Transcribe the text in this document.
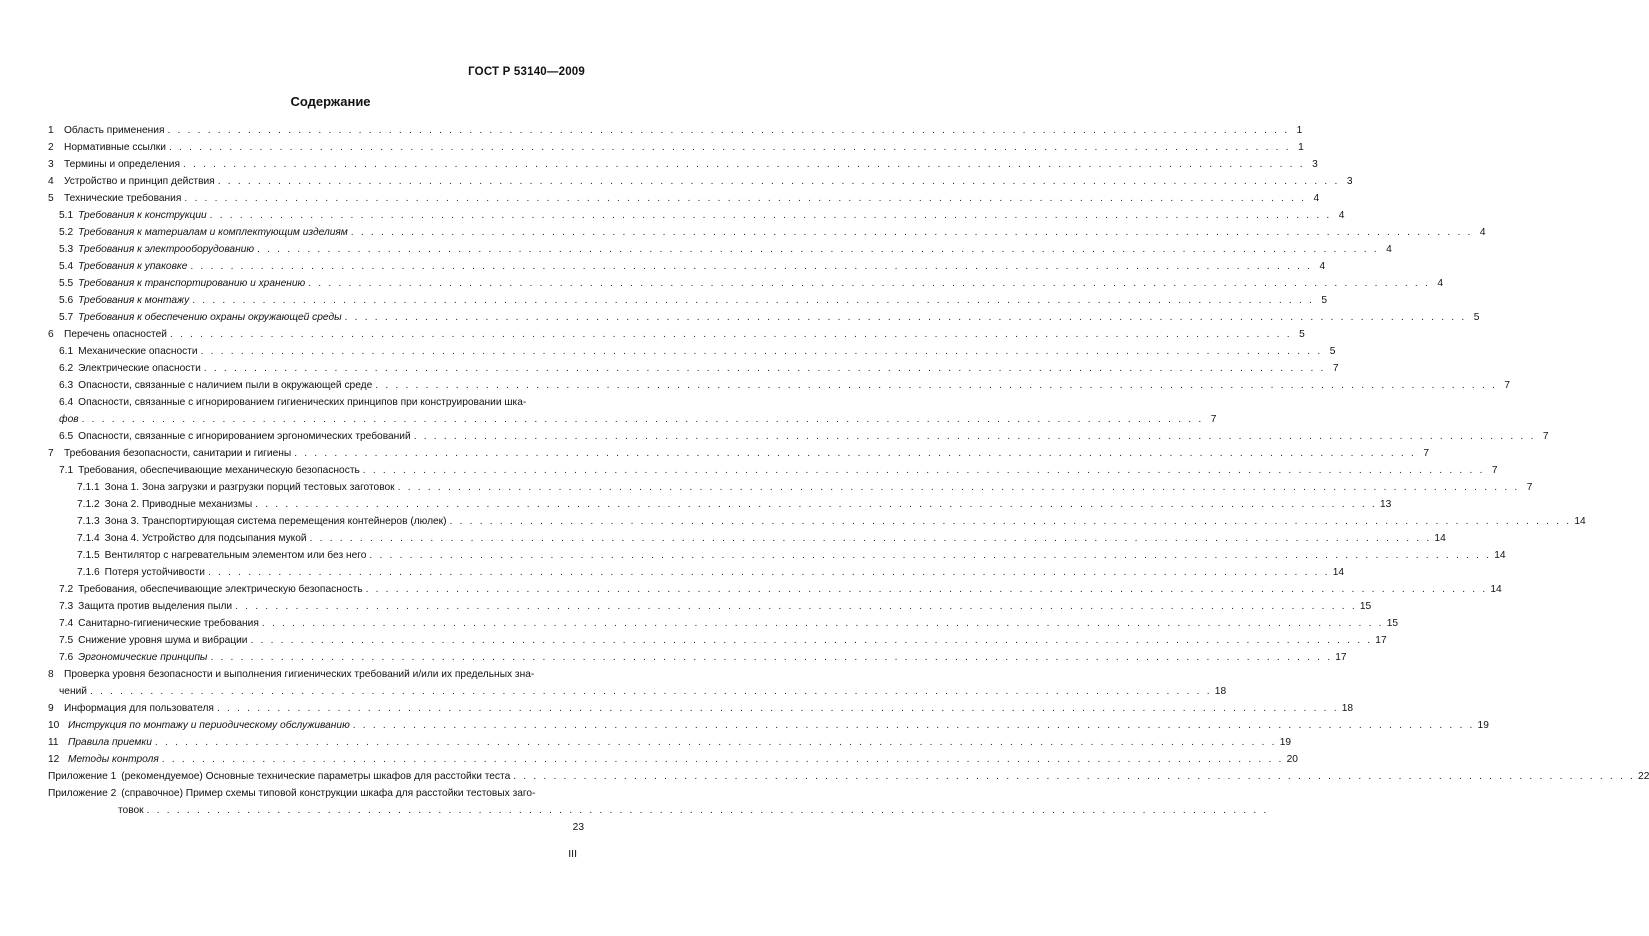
ГОСТ Р 53140—2009
Содержание
1	Область применения . . . . . . . . . . . . . . . . . . . . . . . . . . . . . . . . . . . . . . . . . . . . . . . . . . . . . . . . . . . . . . . . . . . . . . . . . . . . . . . . . . . . . . . . . . . . . . . . . . . . . . . . . . . . . . . . 1
2	Нормативные ссылки . . . . . . . . . . . . . . . . . . . . . . . . . . . . . . . . . . . . . . . . . . . . . . . . . . . . . . . . . . . . . . . . . . . . . . . . . . . . . . . . . . . . . . . . . . . . . . . . . . . . . . . . . . . . . . . . 1
3	Термины и определения . . . . . . . . . . . . . . . . . . . . . . . . . . . . . . . . . . . . . . . . . . . . . . . . . . . . . . . . . . . . . . . . . . . . . . . . . . . . . . . . . . . . . . . . . . . . . . . . . . . . . . . . . . . . . . . . 3
4	Устройство и принцип действия . . . . . . . . . . . . . . . . . . . . . . . . . . . . . . . . . . . . . . . . . . . . . . . . . . . . . . . . . . . . . . . . . . . . . . . . . . . . . . . . . . . . . . . . . . . . . . . . . . . . . . . . . . . . . . . . 3
5	Технические требования . . . . . . . . . . . . . . . . . . . . . . . . . . . . . . . . . . . . . . . . . . . . . . . . . . . . . . . . . . . . . . . . . . . . . . . . . . . . . . . . . . . . . . . . . . . . . . . . . . . . . . . . . . . . . . . . 4
5.1 Требования к конструкции . . . . . . . . . . . . . . . . . . . . . . . . . . . . . . . . . . . . . . . . . . . . . . . . . . . . . . . . . . . . . . . . . . . . . . . . . . . . . . . . . . . . . . . . . . . . . . . . . . . . . . . . . . . . . . . . 4
5.2 Требования к материалам и комплектующим изделиям . . . . . . . . . . . . . . . . . . . . . . . . . . . . . . . . . . . . . . . . . . . . . . . . . . . . . . . . . . . . . . . . . . . . . . . . . . . . . . . . . . . . . . . . . . . . . . . . . . . . . . . . . . . . . . . . 4
5.3 Требования к электрооборудованию . . . . . . . . . . . . . . . . . . . . . . . . . . . . . . . . . . . . . . . . . . . . . . . . . . . . . . . . . . . . . . . . . . . . . . . . . . . . . . . . . . . . . . . . . . . . . . . . . . . . . . . . . . . . . . . . 4
5.4 Требования к упаковке . . . . . . . . . . . . . . . . . . . . . . . . . . . . . . . . . . . . . . . . . . . . . . . . . . . . . . . . . . . . . . . . . . . . . . . . . . . . . . . . . . . . . . . . . . . . . . . . . . . . . . . . . . . . . . . . 4
5.5 Требования к транспортированию и хранению . . . . . . . . . . . . . . . . . . . . . . . . . . . . . . . . . . . . . . . . . . . . . . . . . . . . . . . . . . . . . . . . . . . . . . . . . . . . . . . . . . . . . . . . . . . . . . . . . . . . . . . . . . . . . . . . 4
5.6 Требования к монтажу . . . . . . . . . . . . . . . . . . . . . . . . . . . . . . . . . . . . . . . . . . . . . . . . . . . . . . . . . . . . . . . . . . . . . . . . . . . . . . . . . . . . . . . . . . . . . . . . . . . . . . . . . . . . . . . . 5
5.7 Требования к обеспечению охраны окружающей среды . . . . . . . . . . . . . . . . . . . . . . . . . . . . . . . . . . . . . . . . . . . . . . . . . . . . . . . . . . . . . . . . . . . . . . . . . . . . . . . . . . . . . . . . . . . . . . . . . . . . . . . . . . . . . . . . 5
6	Перечень опасностей . . . . . . . . . . . . . . . . . . . . . . . . . . . . . . . . . . . . . . . . . . . . . . . . . . . . . . . . . . . . . . . . . . . . . . . . . . . . . . . . . . . . . . . . . . . . . . . . . . . . . . . . . . . . . . . . 5
6.1 Механические опасности . . . . . . . . . . . . . . . . . . . . . . . . . . . . . . . . . . . . . . . . . . . . . . . . . . . . . . . . . . . . . . . . . . . . . . . . . . . . . . . . . . . . . . . . . . . . . . . . . . . . . . . . . . . . . . . . 5
6.2 Электрические опасности . . . . . . . . . . . . . . . . . . . . . . . . . . . . . . . . . . . . . . . . . . . . . . . . . . . . . . . . . . . . . . . . . . . . . . . . . . . . . . . . . . . . . . . . . . . . . . . . . . . . . . . . . . . . . . . . 7
6.3 Опасности, связанные с наличием пыли в окружающей среде . . . . . . . . . . . . . . . . . . . . . . . . . . . . . . . . . . . . . . . . . . . . . . . . . . . . . . . . . . . . . . . . . . . . . . . . . . . . . . . . . . . . . . . . . . . . . . . . . . . . . . . . . . . . . . . . 7
6.4 Опасности, связанные с игнорированием гигиенических принципов при конструировании шка-
фов . . . . . . . . . . . . . . . . . . . . . . . . . . . . . . . . . . . . . . . . . . . . . . . . . . . . . . . . . . . . . . . . . . . . . . . . . . . . . . . . . . . . . . . . . . . . . . . . . . . . . . . . . . . . . . . . 7
6.5 Опасности, связанные с игнорированием эргономических требований . . . . . . . . . . . . . . . . . . . . . . . . . . . . . . . . . . . . . . . . . . . . . . . . . . . . . . . . . . . . . . . . . . . . . . . . . . . . . . . . . . . . . . . . . . . . . . . . . . . . . . . . . . . . . . . . 7
7	Требования безопасности, санитарии и гигиены . . . . . . . . . . . . . . . . . . . . . . . . . . . . . . . . . . . . . . . . . . . . . . . . . . . . . . . . . . . . . . . . . . . . . . . . . . . . . . . . . . . . . . . . . . . . . . . . . . . . . . . . . . . . . . . . 7
7.1 Требования, обеспечивающие механическую безопасность . . . . . . . . . . . . . . . . . . . . . . . . . . . . . . . . . . . . . . . . . . . . . . . . . . . . . . . . . . . . . . . . . . . . . . . . . . . . . . . . . . . . . . . . . . . . . . . . . . . . . . . . . . . . . . . . 7
7.1.1 Зона 1. Зона загрузки и разгрузки порций тестовых заготовок . . . . . . . . . . . . . . . . . . . . . . . . . . . . . . . . . . . . . . . . . . . . . . . . . . . . . . . . . . . . . . . . . . . . . . . . . . . . . . . . . . . . . . . . . . . . . . . . . . . . . . . . . . . . . . . . 7
7.1.2 Зона 2. Приводные механизмы . . . . . . . . . . . . . . . . . . . . . . . . . . . . . . . . . . . . . . . . . . . . . . . . . . . . . . . . . . . . . . . . . . . . . . . . . . . . . . . . . . . . . . . . . . . . . . . . . . . . . . . . . . . . . . . . 13
7.1.3 Зона 3. Транспортирующая система перемещения контейнеров (люлек) . . . . . . . . . . . . . . . . . . . . . . . . . . . . . . . . . . . . . . . . . . . . . . . . . . . . . . . . . . . . . . . . . . . . . . . . . . . . . . . . . . . . . . . . . . . . . . . . . . . . . . . . . . . . . . . . 14
7.1.4 Зона 4. Устройство для подсыпания мукой . . . . . . . . . . . . . . . . . . . . . . . . . . . . . . . . . . . . . . . . . . . . . . . . . . . . . . . . . . . . . . . . . . . . . . . . . . . . . . . . . . . . . . . . . . . . . . . . . . . . . . . . . . . . . . . . 14
7.1.5 Вентилятор с нагревательным элементом или без него . . . . . . . . . . . . . . . . . . . . . . . . . . . . . . . . . . . . . . . . . . . . . . . . . . . . . . . . . . . . . . . . . . . . . . . . . . . . . . . . . . . . . . . . . . . . . . . . . . . . . . . . . . . . . . . . 14
7.1.6 Потеря устойчивости . . . . . . . . . . . . . . . . . . . . . . . . . . . . . . . . . . . . . . . . . . . . . . . . . . . . . . . . . . . . . . . . . . . . . . . . . . . . . . . . . . . . . . . . . . . . . . . . . . . . . . . . . . . . . . . . 14
7.2 Требования, обеспечивающие электрическую безопасность . . . . . . . . . . . . . . . . . . . . . . . . . . . . . . . . . . . . . . . . . . . . . . . . . . . . . . . . . . . . . . . . . . . . . . . . . . . . . . . . . . . . . . . . . . . . . . . . . . . . . . . . . . . . . . . . 14
7.3 Защита против выделения пыли . . . . . . . . . . . . . . . . . . . . . . . . . . . . . . . . . . . . . . . . . . . . . . . . . . . . . . . . . . . . . . . . . . . . . . . . . . . . . . . . . . . . . . . . . . . . . . . . . . . . . . . . . . . . . . . . 15
7.4 Санитарно-гигиенические требования . . . . . . . . . . . . . . . . . . . . . . . . . . . . . . . . . . . . . . . . . . . . . . . . . . . . . . . . . . . . . . . . . . . . . . . . . . . . . . . . . . . . . . . . . . . . . . . . . . . . . . . . . . . . . . . . 15
7.5 Снижение уровня шума и вибрации . . . . . . . . . . . . . . . . . . . . . . . . . . . . . . . . . . . . . . . . . . . . . . . . . . . . . . . . . . . . . . . . . . . . . . . . . . . . . . . . . . . . . . . . . . . . . . . . . . . . . . . . . . . . . . . . 17
7.6 Эргономические принципы . . . . . . . . . . . . . . . . . . . . . . . . . . . . . . . . . . . . . . . . . . . . . . . . . . . . . . . . . . . . . . . . . . . . . . . . . . . . . . . . . . . . . . . . . . . . . . . . . . . . . . . . . . . . . . . . 17
8	Проверка уровня безопасности и выполнения гигиенических требований и/или их предельных зна-
чений . . . . . . . . . . . . . . . . . . . . . . . . . . . . . . . . . . . . . . . . . . . . . . . . . . . . . . . . . . . . . . . . . . . . . . . . . . . . . . . . . . . . . . . . . . . . . . . . . . . . . . . . . . . . . . . . 18
9	Информация для пользователя . . . . . . . . . . . . . . . . . . . . . . . . . . . . . . . . . . . . . . . . . . . . . . . . . . . . . . . . . . . . . . . . . . . . . . . . . . . . . . . . . . . . . . . . . . . . . . . . . . . . . . . . . . . . . . . . 18
10 Инструкция по монтажу и периодическому обслуживанию . . . . . . . . . . . . . . . . . . . . . . . . . . . . . . . . . . . . . . . . . . . . . . . . . . . . . . . . . . . . . . . . . . . . . . . . . . . . . . . . . . . . . . . . . . . . . . . . . . . . . . . . . . . . . . . . 19
11 Правила приемки . . . . . . . . . . . . . . . . . . . . . . . . . . . . . . . . . . . . . . . . . . . . . . . . . . . . . . . . . . . . . . . . . . . . . . . . . . . . . . . . . . . . . . . . . . . . . . . . . . . . . . . . . . . . . . . . 19
12 Методы контроля . . . . . . . . . . . . . . . . . . . . . . . . . . . . . . . . . . . . . . . . . . . . . . . . . . . . . . . . . . . . . . . . . . . . . . . . . . . . . . . . . . . . . . . . . . . . . . . . . . . . . . . . . . . . . . . . 20
Приложение 1 (рекомендуемое) Основные технические параметры шкафов для расстойки теста . . . . . . . . . . . . . . . . . . . . . . . . . . . . . . . . . . . . . . . . . . . . . . . . . . . . . . . . . . . . . . . . . . . . . . . . . . . . . . . . . . . . . . . . . . . . . . . . . . . . . . . . . . . . . . . . 22
Приложение 2 (справочное) Пример схемы типовой конструкции шкафа для расстойки тестовых заго-
товок . . . . . . . . . . . . . . . . . . . . . . . . . . . . . . . . . . . . . . . . . . . . . . . . . . . . . . . . . . . . . . . . . . . . . . . . . . . . . . . . . . . . . . . . . . . . . . . . . . . . . . . . . . . . . . . .
23
III
